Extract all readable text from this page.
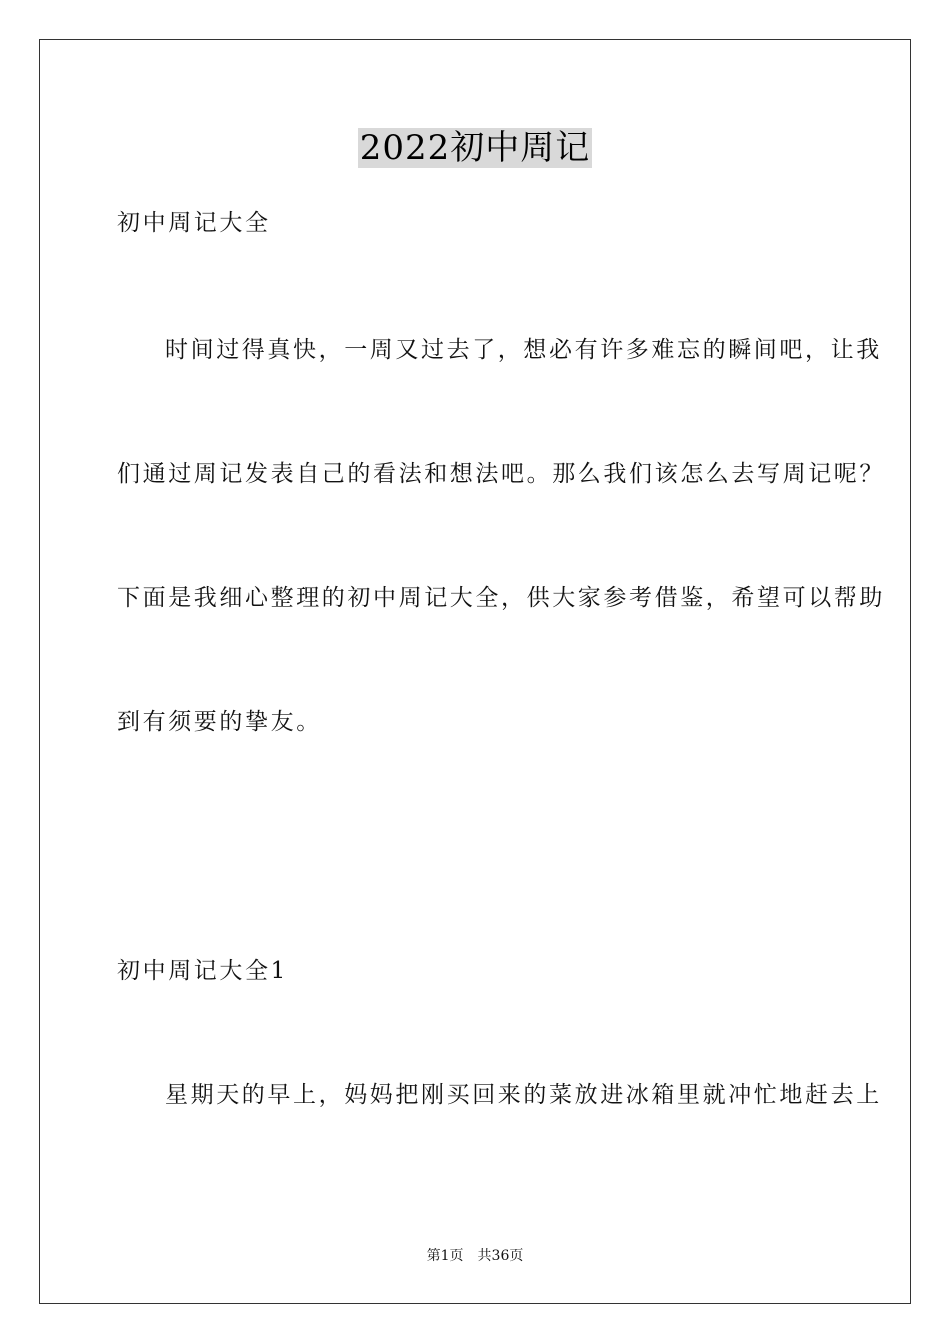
2022初中周记
初中周记大全
时间过得真快，一周又过去了，想必有许多难忘的瞬间吧，让我
们通过周记发表自己的看法和想法吧。那么我们该怎么去写周记呢？
下面是我细心整理的初中周记大全，供大家参考借鉴，希望可以帮助
到有须要的挚友。
初中周记大全1
星期天的早上，妈妈把刚买回来的菜放进冰箱里就冲忙地赶去上
第1页 共36页
